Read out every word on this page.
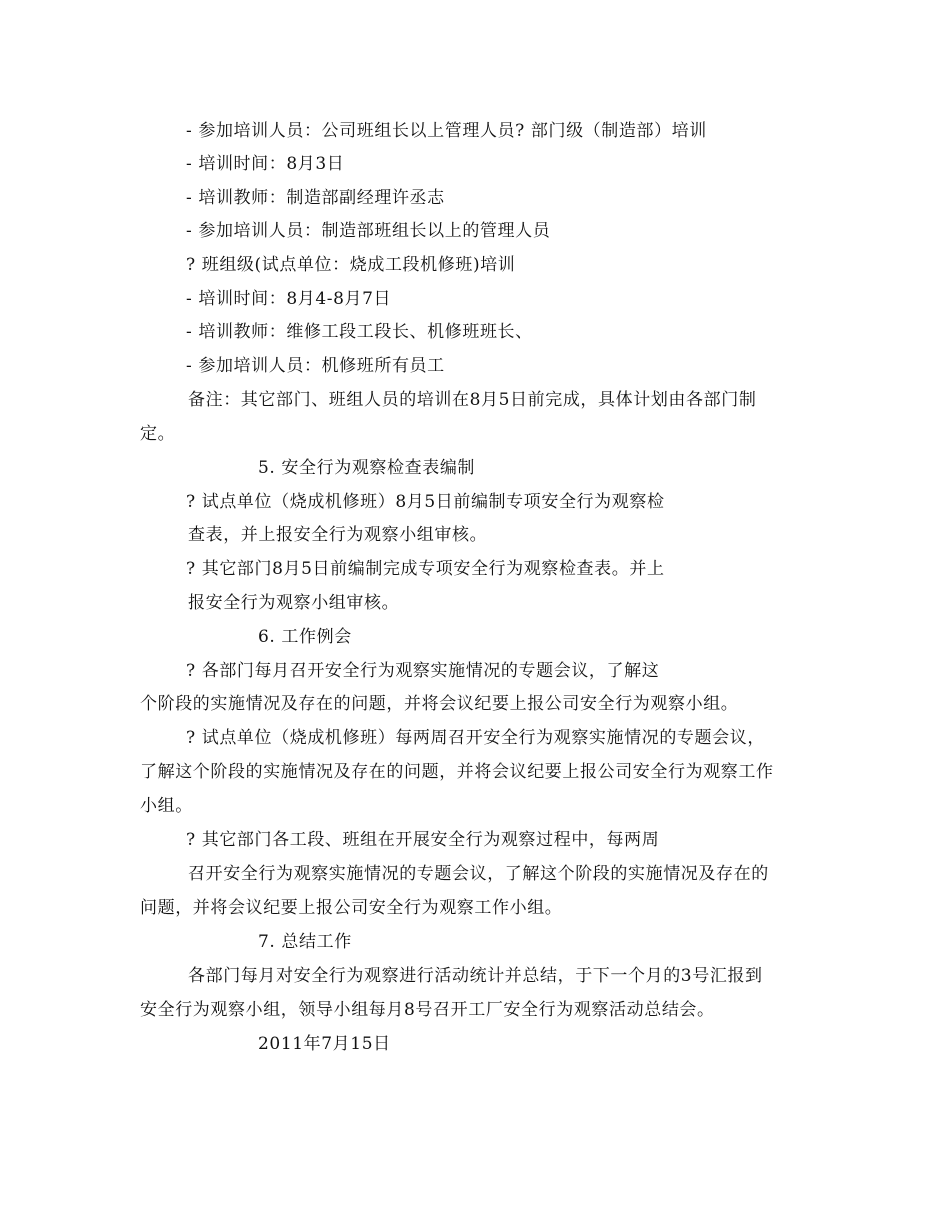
- 参加培训人员：公司班组长以上管理人员? 部门级（制造部）培训
- 培训时间：8月3日
- 培训教师：制造部副经理许丞志
- 参加培训人员：制造部班组长以上的管理人员
? 班组级(试点单位：烧成工段机修班)培训
- 培训时间：8月4-8月7日
- 培训教师：维修工段工段长、机修班班长、
- 参加培训人员：机修班所有员工
备注：其它部门、班组人员的培训在8月5日前完成，具体计划由各部门制
定。
5. 安全行为观察检查表编制
? 试点单位（烧成机修班）8月5日前编制专项安全行为观察检
查表，并上报安全行为观察小组审核。
? 其它部门8月5日前编制完成专项安全行为观察检查表。并上
报安全行为观察小组审核。
6. 工作例会
? 各部门每月召开安全行为观察实施情况的专题会议，了解这
个阶段的实施情况及存在的问题，并将会议纪要上报公司安全行为观察小组。
? 试点单位（烧成机修班）每两周召开安全行为观察实施情况的专题会议，
了解这个阶段的实施情况及存在的问题，并将会议纪要上报公司安全行为观察工作
小组。
? 其它部门各工段、班组在开展安全行为观察过程中，每两周
召开安全行为观察实施情况的专题会议，了解这个阶段的实施情况及存在的
问题，并将会议纪要上报公司安全行为观察工作小组。
7. 总结工作
各部门每月对安全行为观察进行活动统计并总结，于下一个月的3号汇报到
安全行为观察小组，领导小组每月8号召开工厂安全行为观察活动总结会。
2011年7月15日
